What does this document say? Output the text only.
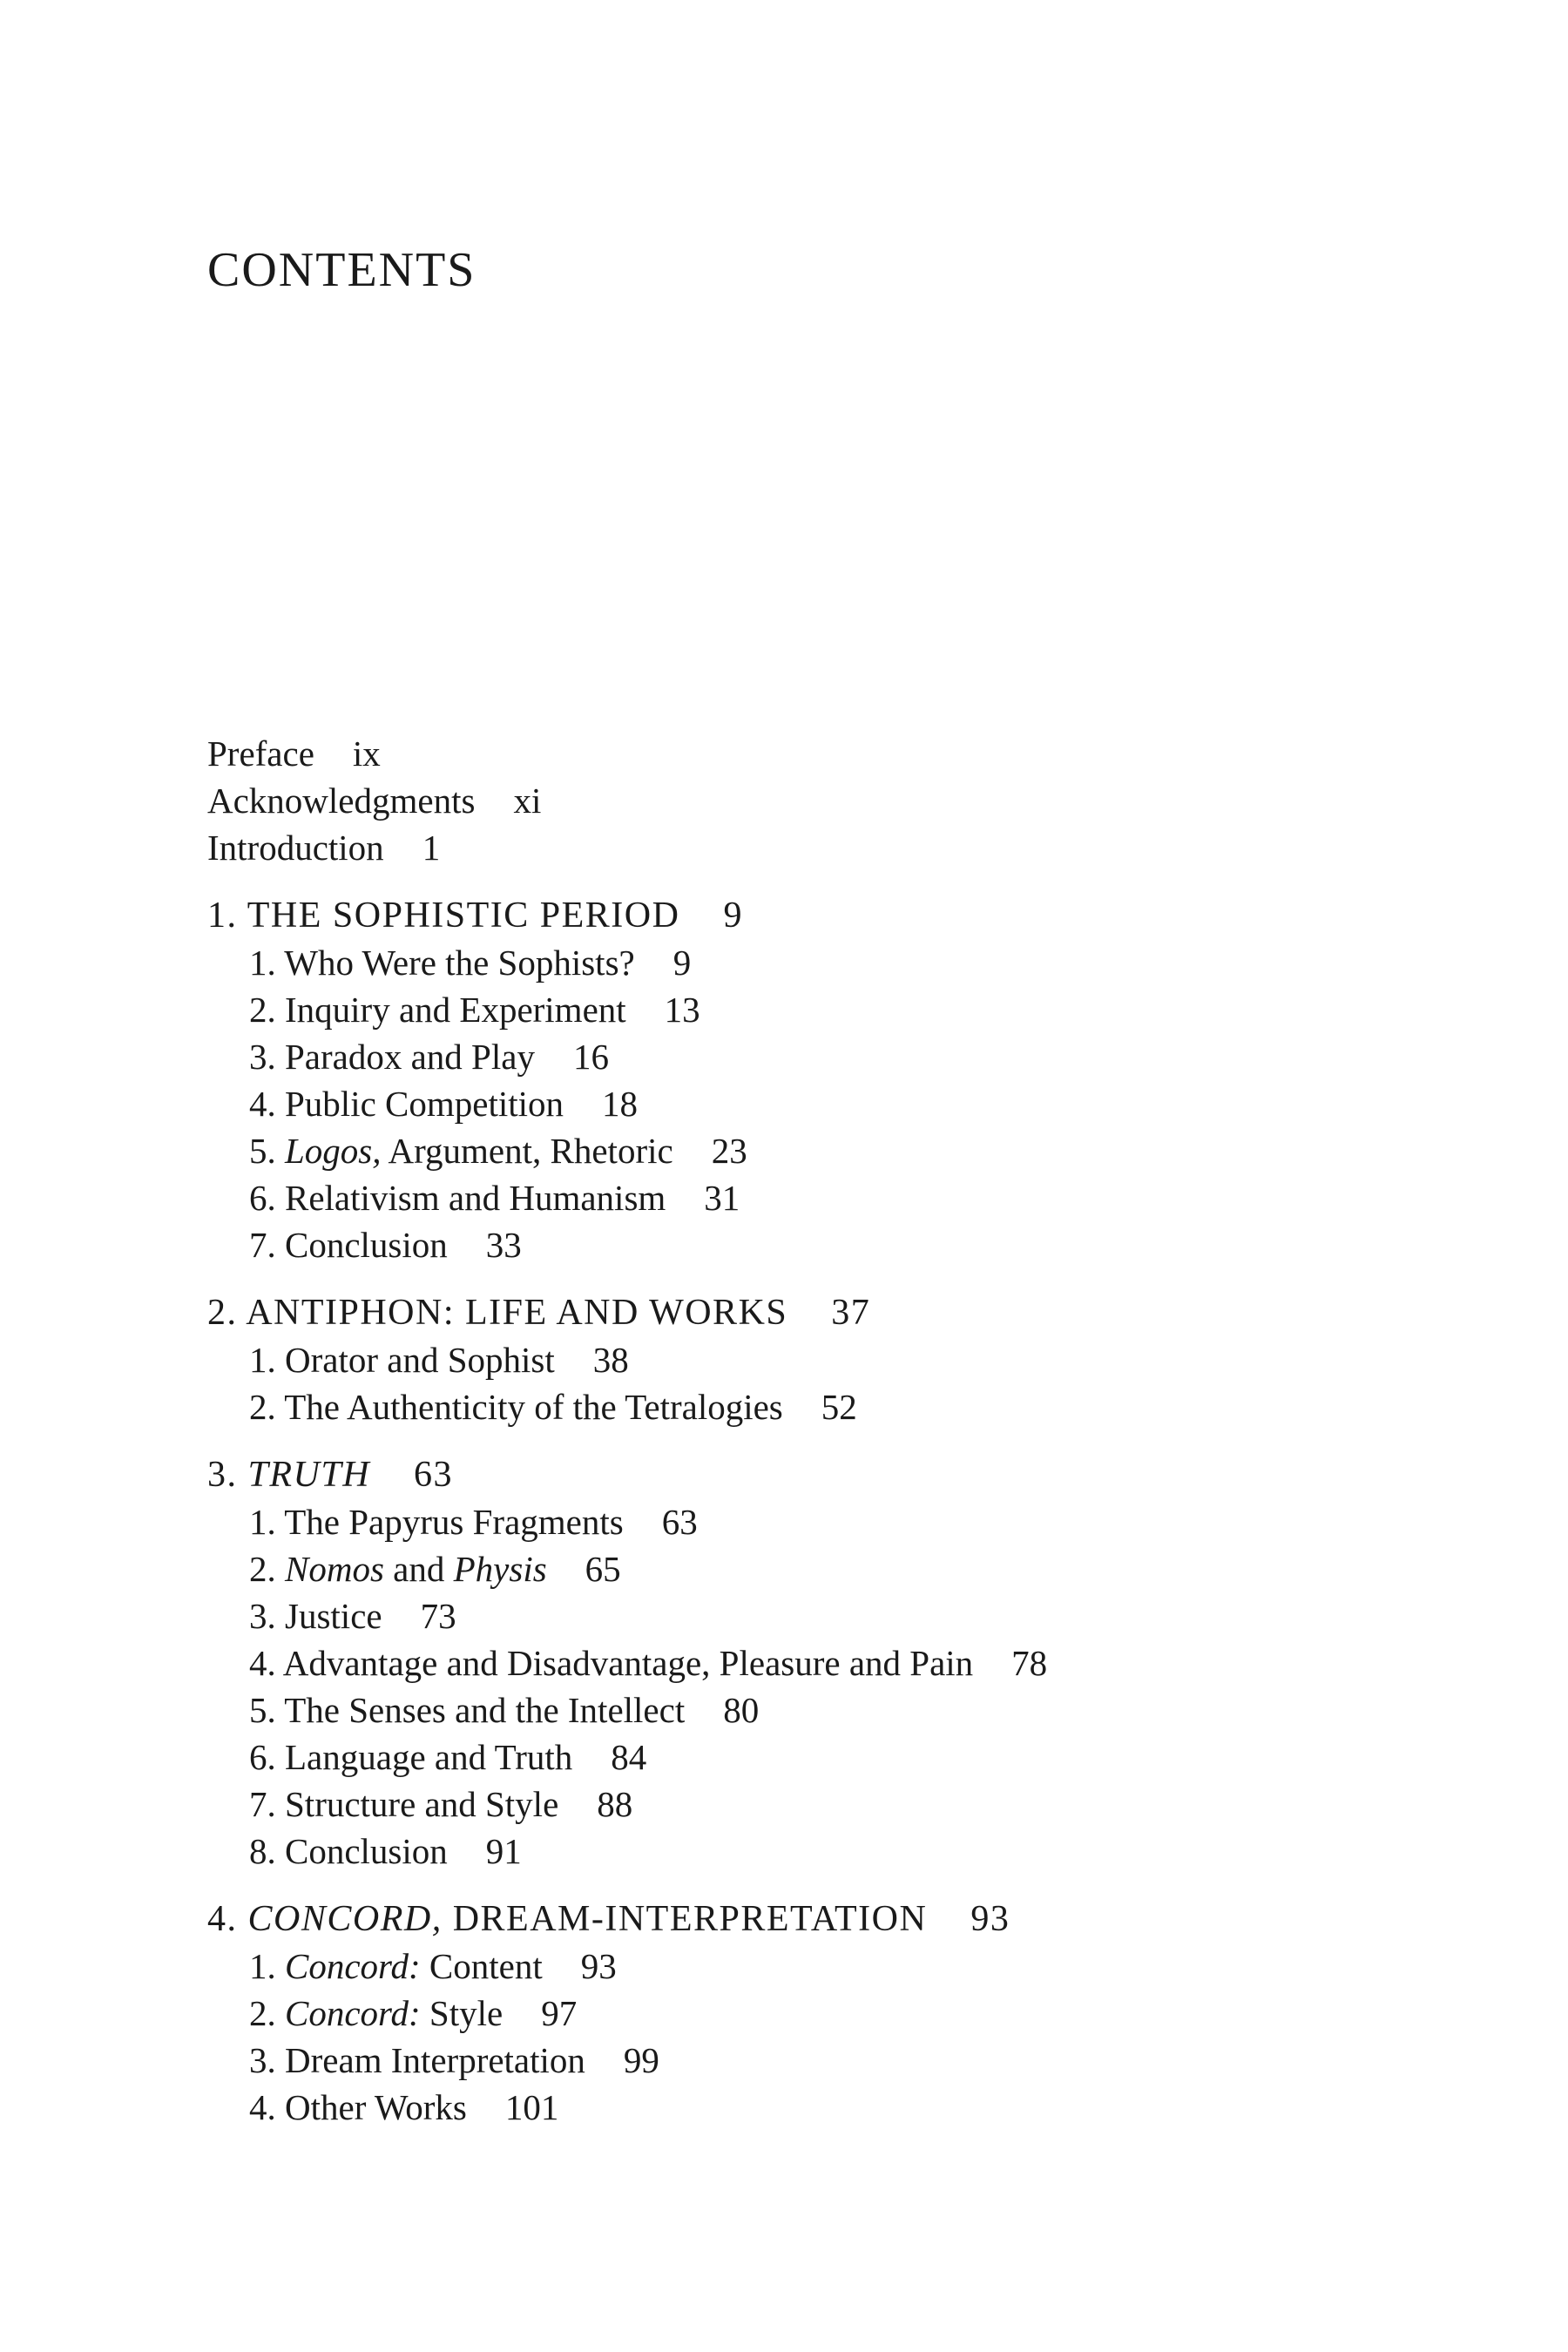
CONTENTS
Preface ix
Acknowledgments xi
Introduction 1
1. THE SOPHISTIC PERIOD 9
1. Who Were the Sophists? 9
2. Inquiry and Experiment 13
3. Paradox and Play 16
4. Public Competition 18
5. Logos, Argument, Rhetoric 23
6. Relativism and Humanism 31
7. Conclusion 33
2. ANTIPHON: LIFE AND WORKS 37
1. Orator and Sophist 38
2. The Authenticity of the Tetralogies 52
3. TRUTH 63
1. The Papyrus Fragments 63
2. Nomos and Physis 65
3. Justice 73
4. Advantage and Disadvantage, Pleasure and Pain 78
5. The Senses and the Intellect 80
6. Language and Truth 84
7. Structure and Style 88
8. Conclusion 91
4. CONCORD, DREAM-INTERPRETATION 93
1. Concord: Content 93
2. Concord: Style 97
3. Dream Interpretation 99
4. Other Works 101
